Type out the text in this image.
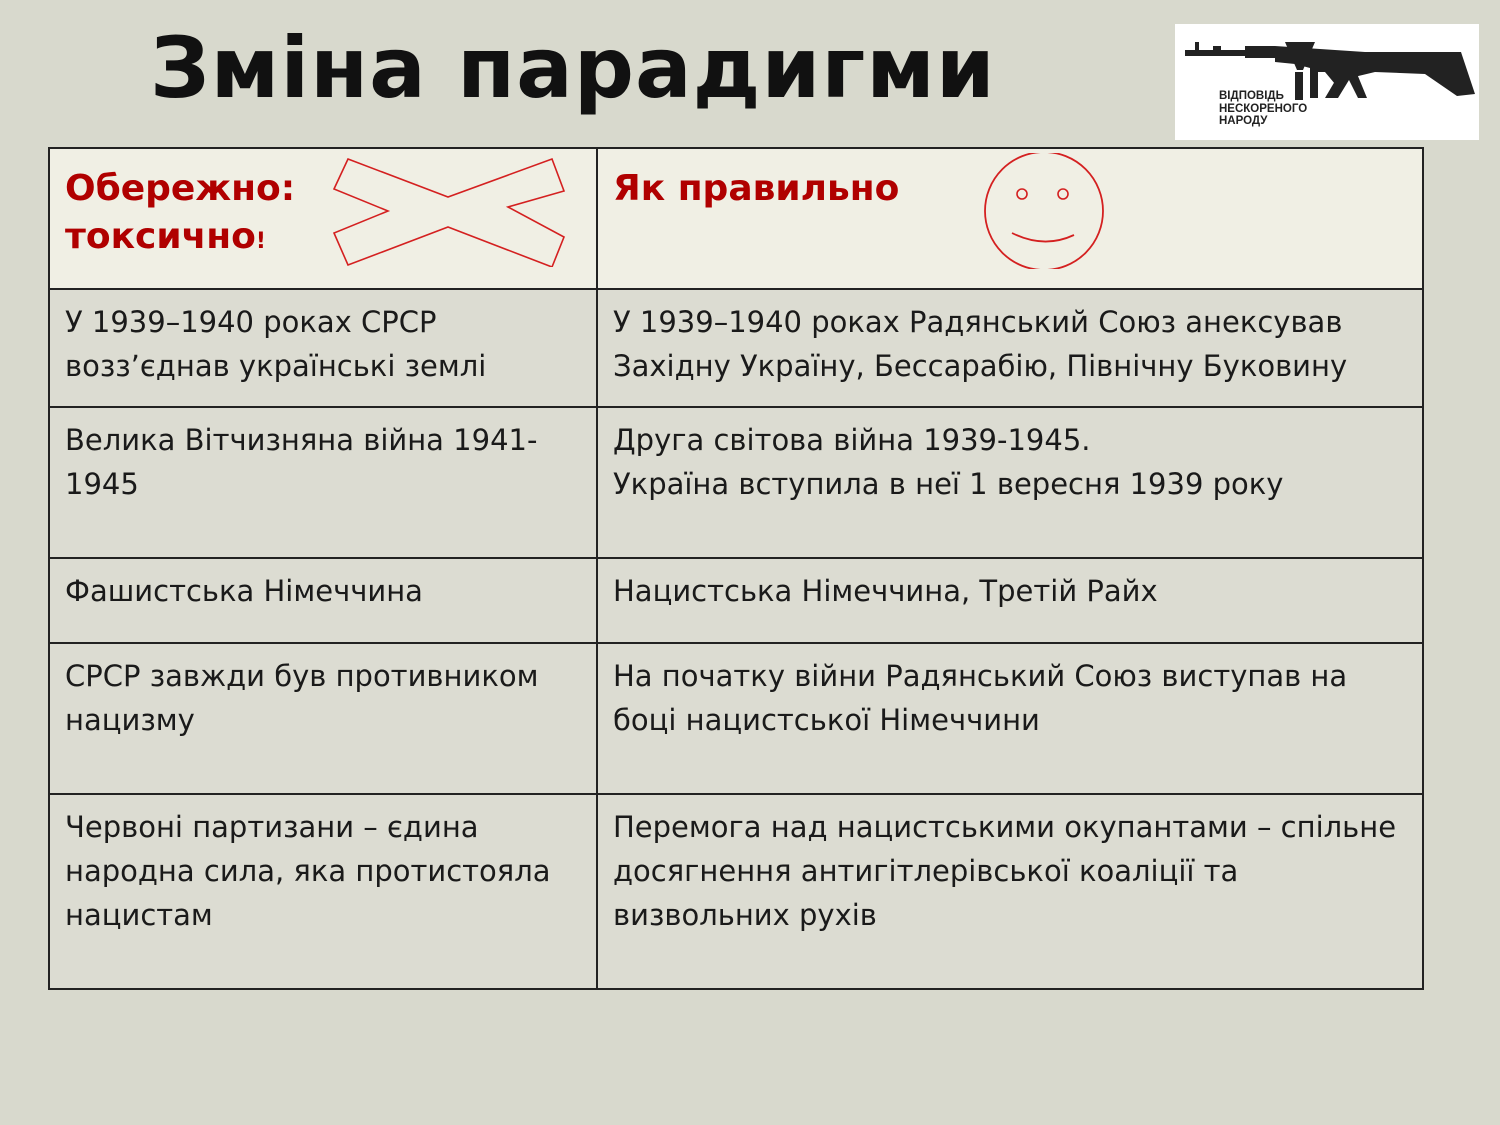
Зміна парадигми	ВІДПОВІДЬ
НЕСКОРЕНОГО
НАРОДУ
Обережно:
токсично!	Як правильно

У 1939–1940 роках СРСР возз’єднав українські землі	У 1939–1940 роках Радянський Союз анексував Західну Україну, Бессарабію, Північну Буковину
Велика Вітчизняна війна 1941-1945	Друга світова війна 1939-1945.
Україна вступила в неї 1 вересня 1939 року

Фашистська Німеччина	Нацистська Німеччина, Третій Райх
СРСР завжди був противником нацизму	На початку війни Радянський Союз виступав на боці нацистської Німеччини
Червоні партизани – єдина народна сила, яка протистояла нацистам	Перемога над нацистськими окупантами – спільне досягнення антигітлерівської коаліції та визвольних рухів
